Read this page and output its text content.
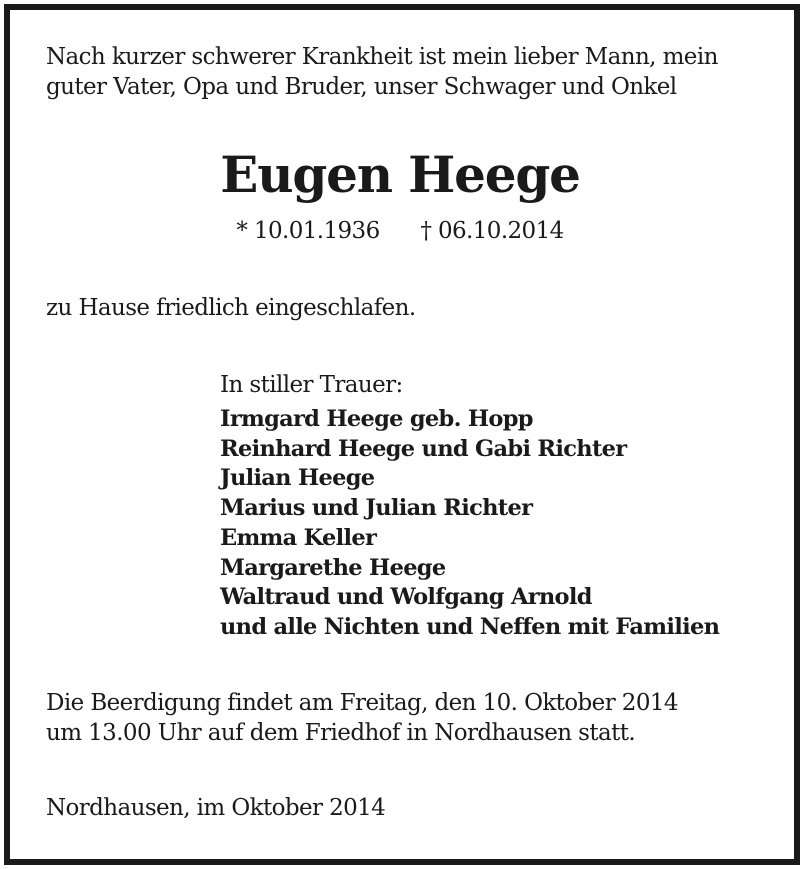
Nach kurzer schwerer Krankheit ist mein lieber Mann, mein
guter Vater, Opa und Bruder, unser Schwager und Onkel
Eugen Heege
* 10.01.1936 † 06.10.2014
zu Hause friedlich eingeschlafen.
In stiller Trauer:
Irmgard Heege geb. Hopp
Reinhard Heege und Gabi Richter
Julian Heege
Marius und Julian Richter
Emma Keller
Margarethe Heege
Waltraud und Wolfgang Arnold
und alle Nichten und Neffen mit Familien
Die Beerdigung findet am Freitag, den 10. Oktober 2014
um 13.00 Uhr auf dem Friedhof in Nordhausen statt.
Nordhausen, im Oktober 2014
